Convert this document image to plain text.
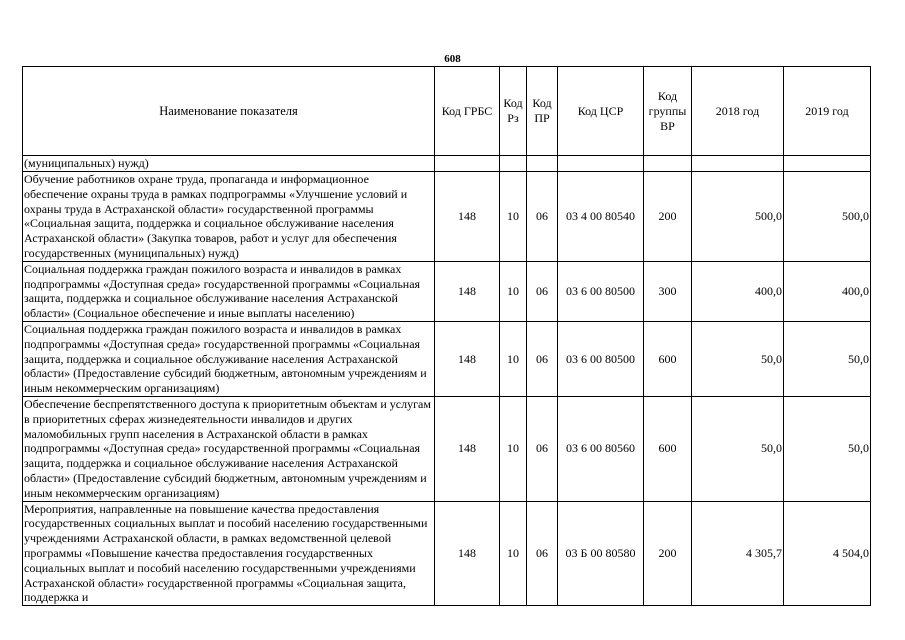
608
Наименование показателя	Код ГРБС	Код Рз	Код ПР	Код ЦСР	Код группы ВР	2018 год	2019 год
(муниципальных) нужд)							
Обучение работников охране труда, пропаганда и информационное обеспечение охраны труда в рамках подпрограммы «Улучшение условий и охраны труда в Астраханской области» государственной программы «Социальная защита, поддержка и социальное обслуживание населения Астраханской области» (Закупка товаров, работ и услуг для обеспечения государственных (муниципальных) нужд)	148	10	06	03 4 00 80540	200	500,0	500,0
Социальная поддержка граждан пожилого возраста и инвалидов в рамках подпрограммы «Доступная среда» государственной программы «Социальная защита, поддержка и социальное обслуживание населения Астраханской области» (Социальное обеспечение и иные выплаты населению)	148	10	06	03 6 00 80500	300	400,0	400,0
Социальная поддержка граждан пожилого возраста и инвалидов в рамках подпрограммы «Доступная среда» государственной программы «Социальная защита, поддержка и социальное обслуживание населения Астраханской области» (Предоставление субсидий бюджетным, автономным учреждениям и иным некоммерческим организациям)	148	10	06	03 6 00 80500	600	50,0	50,0
Обеспечение беспрепятственного доступа к приоритетным объектам и услугам в приоритетных сферах жизнедеятельности инвалидов и других маломобильных групп населения в Астраханской области в рамках подпрограммы «Доступная среда» государственной программы «Социальная защита, поддержка и социальное обслуживание населения Астраханской области» (Предоставление субсидий бюджетным, автономным учреждениям и иным некоммерческим организациям)	148	10	06	03 6 00 80560	600	50,0	50,0
Мероприятия, направленные на повышение качества предоставления государственных социальных выплат и пособий населению государственными учреждениями Астраханской области, в рамках ведомственной целевой программы «Повышение качества предоставления государственных социальных выплат и пособий населению государственными учреждениями Астраханской области» государственной программы «Социальная защита, поддержка и	148	10	06	03 Б 00 80580	200	4 305,7	4 504,0
